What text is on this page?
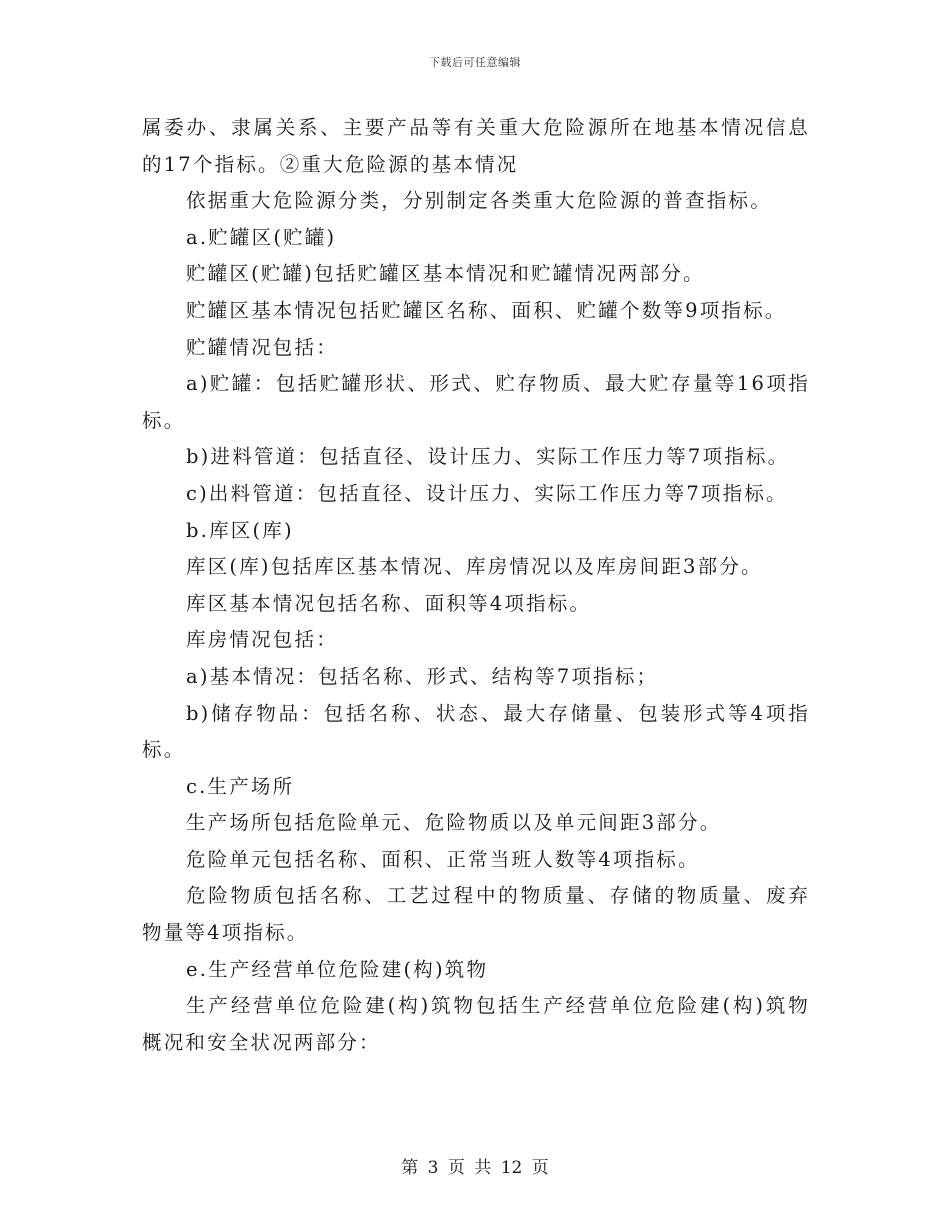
下载后可任意编辑

属委办、隶属关系、主要产品等有关重大危险源所在地基本情况信息的17个指标。②重大危险源的基本情况

依据重大危险源分类，分别制定各类重大危险源的普查指标。

a.贮罐区(贮罐)

贮罐区(贮罐)包括贮罐区基本情况和贮罐情况两部分。

贮罐区基本情况包括贮罐区名称、面积、贮罐个数等9项指标。

贮罐情况包括：

a)贮罐：包括贮罐形状、形式、贮存物质、最大贮存量等16项指标。

b)进料管道：包括直径、设计压力、实际工作压力等7项指标。

c)出料管道：包括直径、设计压力、实际工作压力等7项指标。

b.库区(库)

库区(库)包括库区基本情况、库房情况以及库房间距3部分。

库区基本情况包括名称、面积等4项指标。

库房情况包括：

a)基本情况：包括名称、形式、结构等7项指标；

b)储存物品：包括名称、状态、最大存储量、包装形式等4项指标。

c.生产场所

生产场所包括危险单元、危险物质以及单元间距3部分。

危险单元包括名称、面积、正常当班人数等4项指标。

危险物质包括名称、工艺过程中的物质量、存储的物质量、废弃物量等4项指标。

e.生产经营单位危险建(构)筑物

生产经营单位危险建(构)筑物包括生产经营单位危险建(构)筑物概况和安全状况两部分：

第 3 页 共 12 页
